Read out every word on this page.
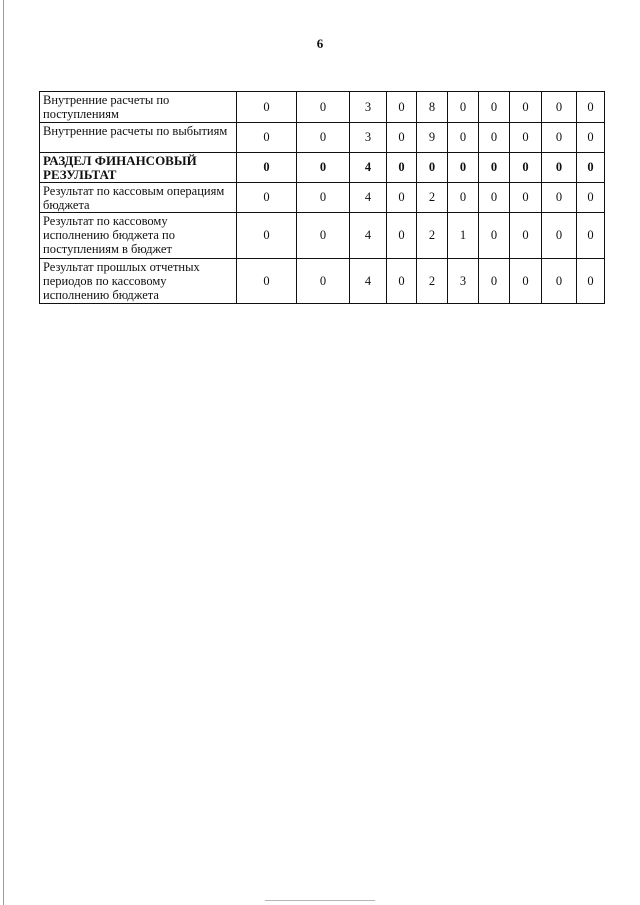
6
Внутренние расчеты по поступлениям	0	0	3	0	8	0	0	0	0	0
Внутренние расчеты по выбытиям	0	0	3	0	9	0	0	0	0	0
РАЗДЕЛ ФИНАНСОВЫЙ РЕЗУЛЬТАТ	0	0	4	0	0	0	0	0	0	0
Результат по кассовым операциям бюджета	0	0	4	0	2	0	0	0	0	0
Результат по кассовому исполнению бюджета по поступлениям в бюджет	0	0	4	0	2	1	0	0	0	0
Результат прошлых отчетных периодов по кассовому исполнению бюджета	0	0	4	0	2	3	0	0	0	0
